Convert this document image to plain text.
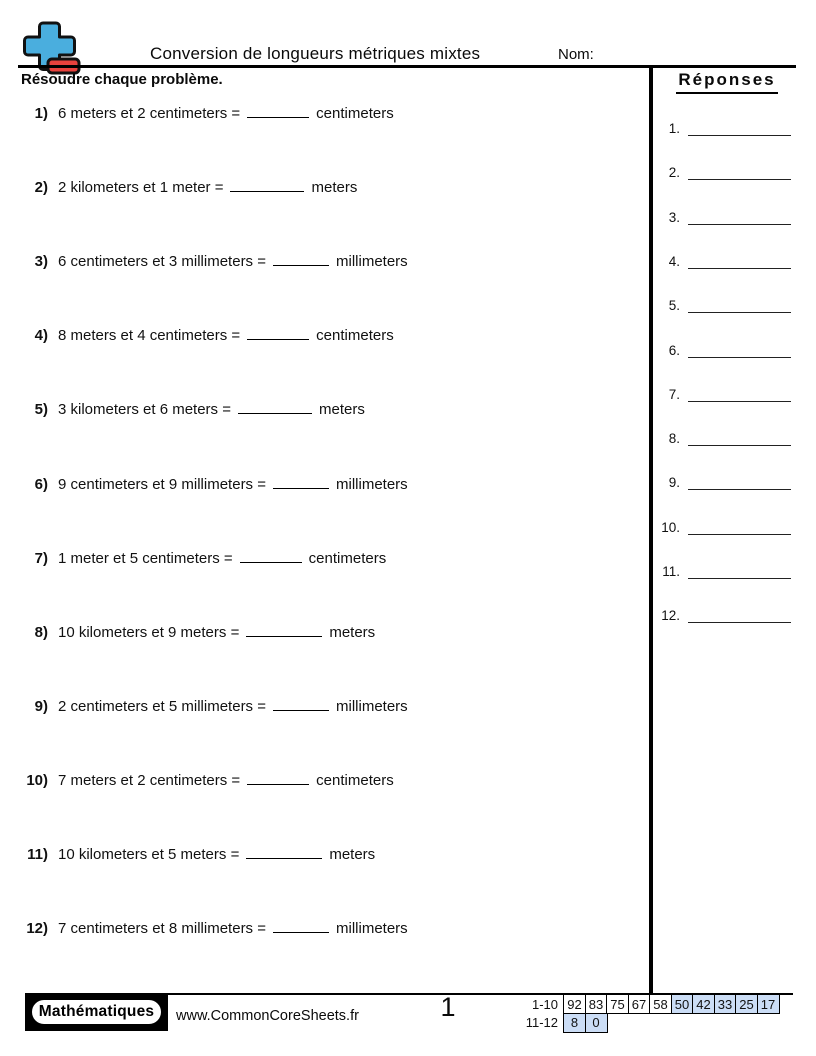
Conversion de longueurs métriques mixtes	Nom:
Résoudre chaque problème.
1) 6 meters et 2 centimeters =	centimeters
2) 2 kilometers et 1 meter =	meters
3) 6 centimeters et 3 millimeters =	millimeters
4) 8 meters et 4 centimeters =	centimeters
5) 3 kilometers et 6 meters =	meters
6) 9 centimeters et 9 millimeters =	millimeters
7) 1 meter et 5 centimeters =	centimeters
8) 10 kilometers et 9 meters =	meters
9) 2 centimeters et 5 millimeters =	millimeters
10) 7 meters et 2 centimeters =	centimeters
11) 10 kilometers et 5 meters =	meters
12) 7 centimeters et 8 millimeters =	millimeters
Réponses
1.
2.
3.
4.
5.
6.
7.
8.
9.
10.
11.
12.
Mathématiques	www.CommonCoreSheets.fr	1	1-10 92 83 75 67 58 50 42 33 25 17
11-12 8	0
